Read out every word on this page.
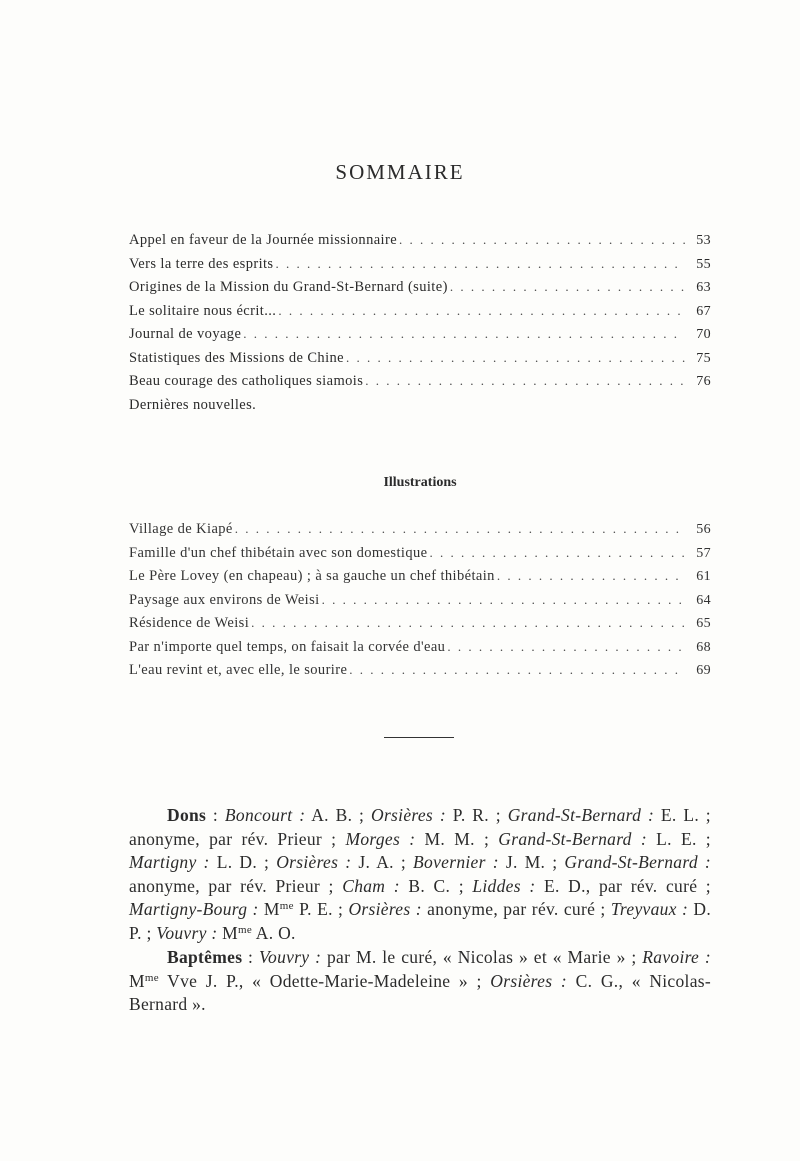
SOMMAIRE
Appel en faveur de la Journée missionnaire . . .	53
Vers la terre des esprits . . .	55
Origines de la Mission du Grand-St-Bernard (suite) . . .	63
Le solitaire nous écrit... . . .	67
Journal de voyage . . .	70
Statistiques des Missions de Chine . . .	75
Beau courage des catholiques siamois . . .	76
Dernières nouvelles.
Illustrations
Village de Kiapé . . .	56
Famille d'un chef thibétain avec son domestique . . .	57
Le Père Lovey (en chapeau) ; à sa gauche un chef thibétain . . .	61
Paysage aux environs de Weisi . . .	64
Résidence de Weisi . . .	65
Par n'importe quel temps, on faisait la corvée d'eau . . .	68
L'eau revint et, avec elle, le sourire . . .	69

Dons : Boncourt : A. B. ; Orsières : P. R. ; Grand-St-Bernard : E. L. ; anonyme, par rév. Prieur ; Morges : M. M. ; Grand-St-Bernard : L. E. ; Martigny : L. D. ; Orsières : J. A. ; Bovernier : J. M. ; Grand-St-Bernard : anonyme, par rév. Prieur ; Cham : B. C. ; Liddes : E. D., par rév. curé ; Martigny-Bourg : $M^{me}$ P. E. ; Orsières : anonyme, par rév. curé ; Treyvaux : D. P. ; Vouvry : $M^{me}$ A. O.

Baptêmes : Vouvry : par M. le curé, « Nicolas » et « Marie » ; Ravoire : $M^{me}$ Vve J. P., « Odette-Marie-Madeleine » ; Orsières : C. G., « Nicolas-Bernard ».
